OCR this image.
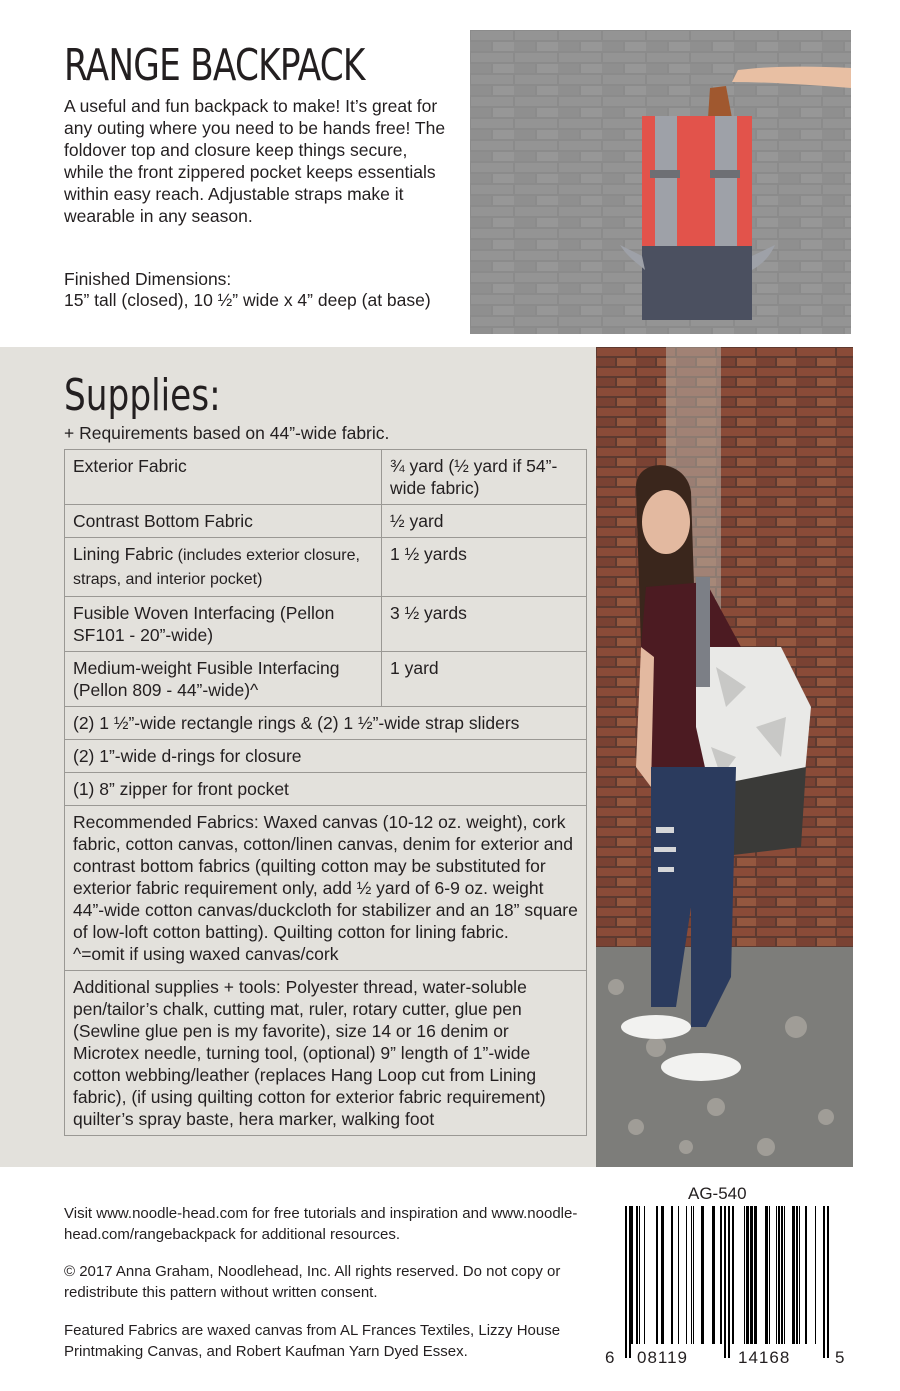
RANGE BACKPACK

A useful and fun backpack to make! It’s great for any outing where you need to be hands free! The foldover top and closure keep things secure, while the front zippered pocket keeps essentials within easy reach. Adjustable straps make it wearable in any season.

Finished Dimensions:

15” tall (closed), 10 ½” wide x 4” deep (at base)

Supplies:

+ Requirements based on 44”-wide fabric.

Exterior Fabric	¾ yard (½ yard if 54”-wide fabric)
Contrast Bottom Fabric	½ yard
Lining Fabric (includes exterior closure, straps, and interior pocket)	1 ½ yards
Fusible Woven Interfacing (Pellon SF101 - 20”-wide)	3 ½ yards
Medium-weight Fusible Interfacing (Pellon 809 - 44”-wide)^	1 yard
(2) 1 ½”-wide rectangle rings & (2) 1 ½”-wide strap sliders	
(2) 1”-wide d-rings for closure	
(1) 8” zipper for front pocket	

Recommended Fabrics: Waxed canvas (10-12 oz. weight), cork fabric, cotton canvas, cotton/linen canvas, denim for exterior and contrast bottom fabrics (quilting cotton may be substituted for exterior fabric requirement only, add ½ yard of 6-9 oz. weight 44”-wide cotton canvas/duckcloth for stabilizer and an 18” square of low-loft cotton batting). Quilting cotton for lining fabric.
^=omit if using waxed canvas/cork	

Additional supplies + tools: Polyester thread, water-soluble pen/tailor’s chalk, cutting mat, ruler, rotary cutter, glue pen (Sewline glue pen is my favorite), size 14 or 16 denim or Microtex needle, turning tool, (optional) 9” length of 1”-wide cotton webbing/leather (replaces Hang Loop cut from Lining fabric), (if using quilting cotton for exterior fabric requirement) quilter’s spray baste, hera marker, walking foot	

Visit www.noodle-head.com for free tutorials and inspiration and www.noodle-head.com/rangebackpack for additional resources.

© 2017 Anna Graham, Noodlehead, Inc. All rights reserved. Do not copy or redistribute this pattern without written consent.

Featured Fabrics are waxed canvas from AL Frances Textiles, Lizzy House Printmaking Canvas, and Robert Kaufman Yarn Dyed Essex.

AG-540
6 08119	14168	5
